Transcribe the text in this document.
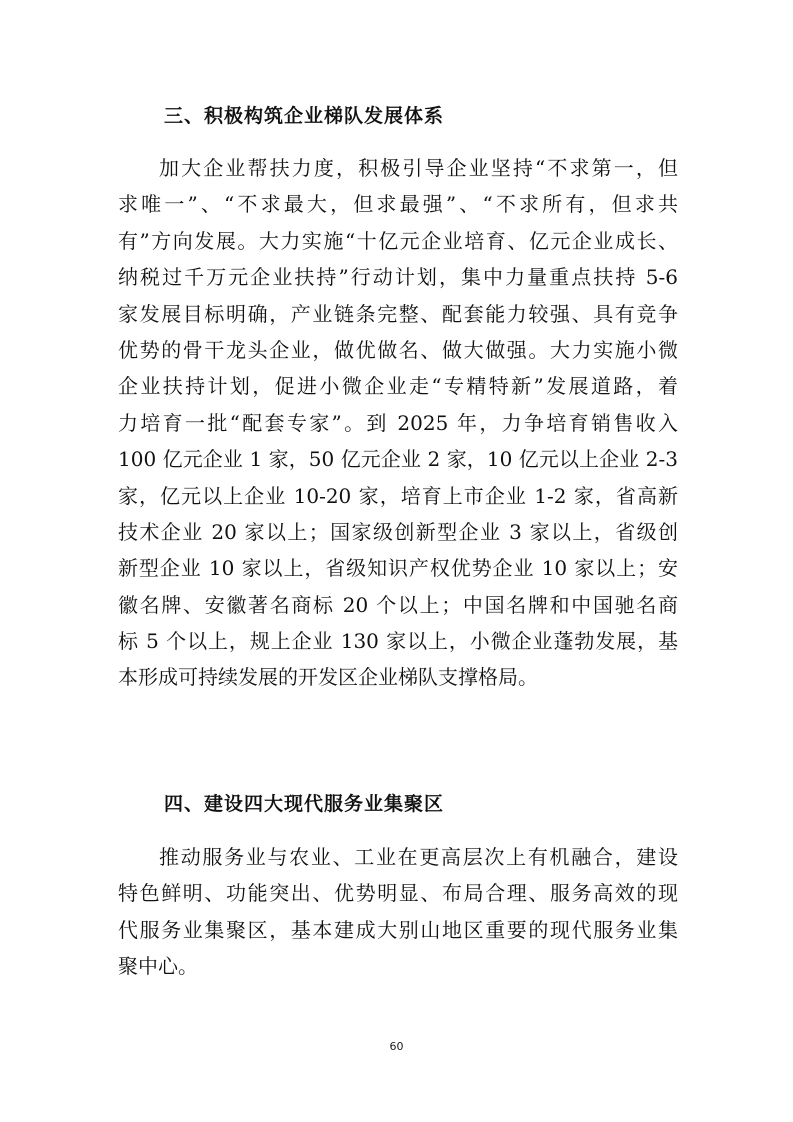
三、积极构筑企业梯队发展体系
加大企业帮扶力度，积极引导企业坚持“不求第一，但
求唯一”、“不求最大，但求最强”、“不求所有，但求共
有”方向发展。大力实施“十亿元企业培育、亿元企业成长、
纳税过千万元企业扶持”行动计划，集中力量重点扶持 5-6
家发展目标明确，产业链条完整、配套能力较强、具有竞争
优势的骨干龙头企业，做优做名、做大做强。大力实施小微
企业扶持计划，促进小微企业走“专精特新”发展道路，着
力培育一批“配套专家”。到 2025 年，力争培育销售收入
100 亿元企业 1 家，50 亿元企业 2 家，10 亿元以上企业 2-3
家，亿元以上企业 10-20 家，培育上市企业 1-2 家，省高新
技术企业 20 家以上；国家级创新型企业 3 家以上，省级创
新型企业 10 家以上，省级知识产权优势企业 10 家以上；安
徽名牌、安徽著名商标 20 个以上；中国名牌和中国驰名商
标 5 个以上，规上企业 130 家以上，小微企业蓬勃发展，基
本形成可持续发展的开发区企业梯队支撑格局。
四、建设四大现代服务业集聚区
推动服务业与农业、工业在更高层次上有机融合，建设
特色鲜明、功能突出、优势明显、布局合理、服务高效的现
代服务业集聚区，基本建成大别山地区重要的现代服务业集
聚中心。
60
